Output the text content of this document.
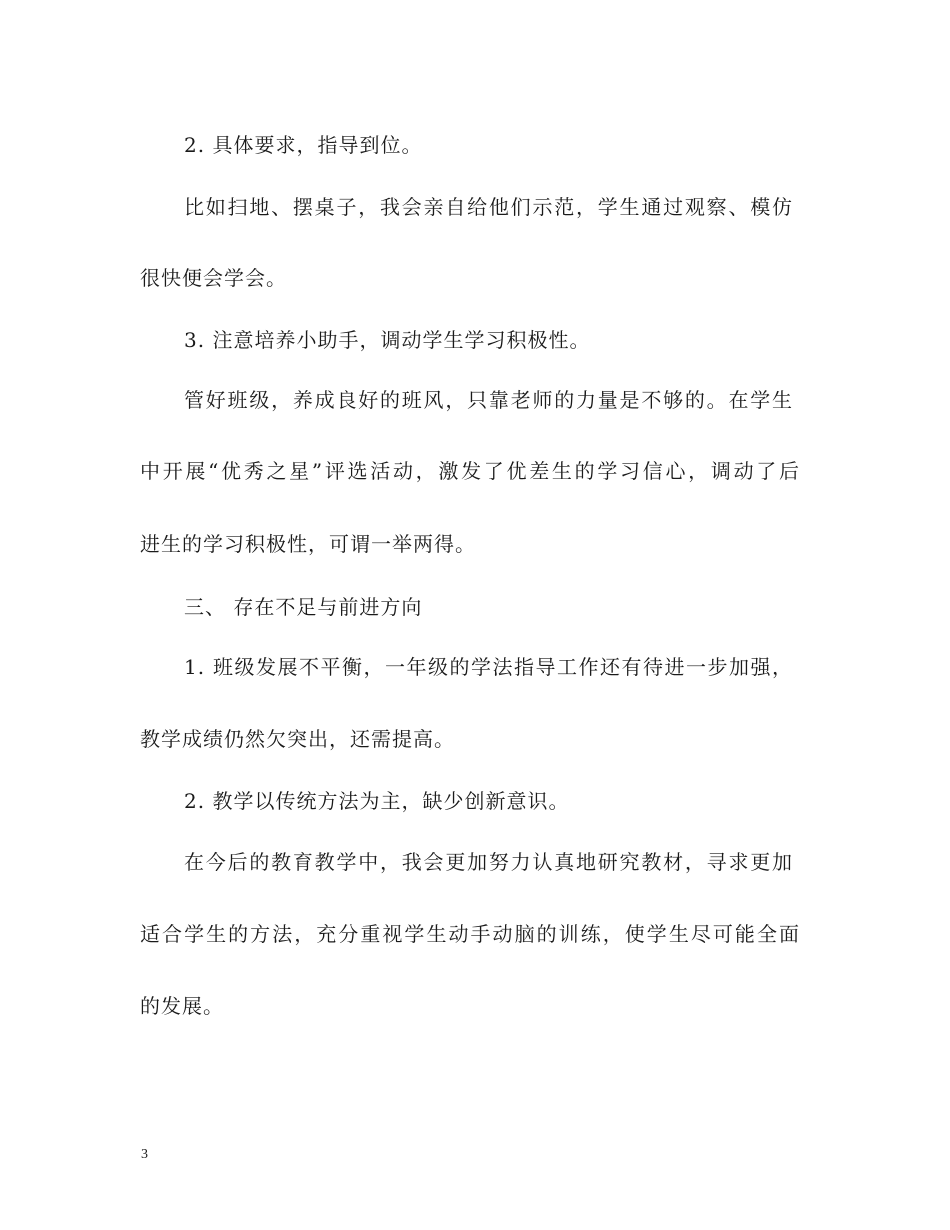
2. 具体要求，指导到位。
比如扫地、摆桌子，我会亲自给他们示范，学生通过观察、模仿
很快便会学会。
3. 注意培养小助手，调动学生学习积极性。
管好班级，养成良好的班风，只靠老师的力量是不够的。在学生
中开展“优秀之星”评选活动，激发了优差生的学习信心，调动了后
进生的学习积极性，可谓一举两得。
三、 存在不足与前进方向
1. 班级发展不平衡，一年级的学法指导工作还有待进一步加强，
教学成绩仍然欠突出，还需提高。
2. 教学以传统方法为主，缺少创新意识。
在今后的教育教学中，我会更加努力认真地研究教材，寻求更加
适合学生的方法，充分重视学生动手动脑的训练，使学生尽可能全面
的发展。
3
